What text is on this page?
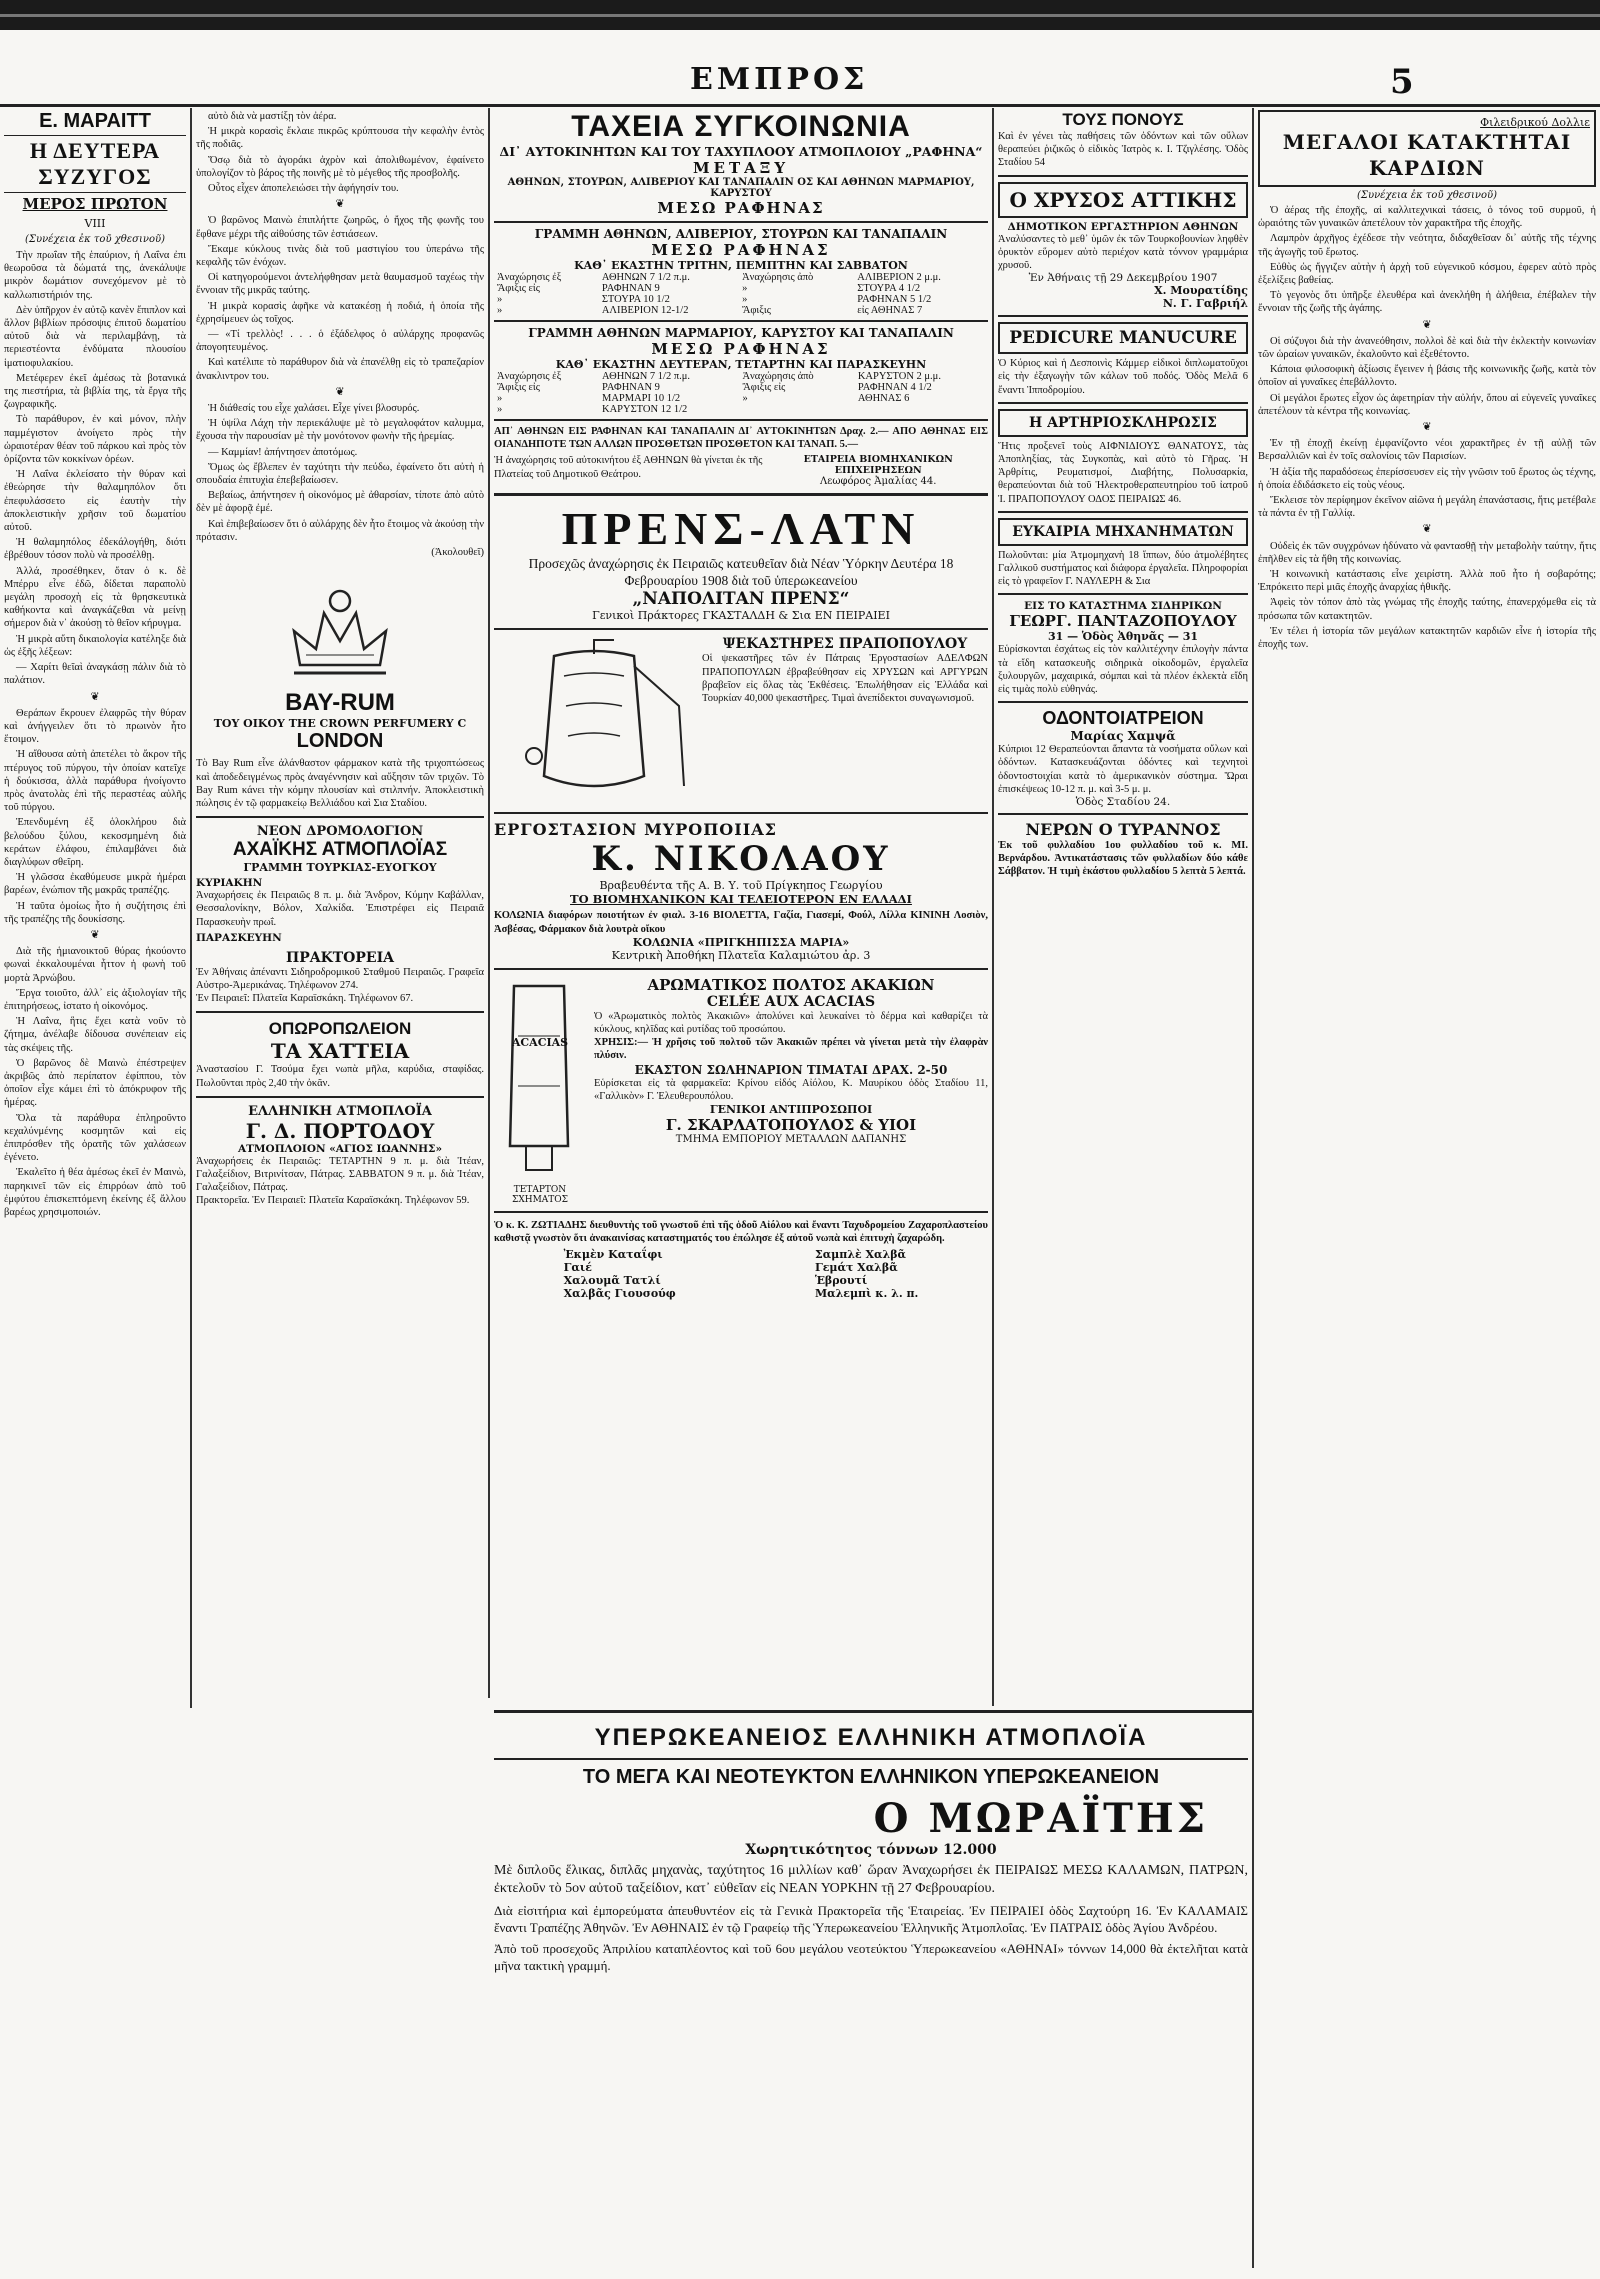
ΕΜΠΡΟΣ	5
Ε. ΜΑΡΑΙΤΤ
Η ΔΕΥΤΕΡΑ ΣΥΖΥΓΟΣ
ΜΕΡΟΣ ΠΡΩΤΟΝ
VIII
(Συνέχεια ἐκ τοῦ χθεσινοῦ)

Τὴν πρωΐαν τῆς ἑπαύριον, ἡ Λαΐνα ἐπι θεωροῦσα τὰ δώματά της, ἀνεκάλυψε μικρὸν δωμάτιον συνεχόμενον μὲ τὸ καλλωπιστήριόν της.

Δὲν ὑπῆρχον ἐν αὐτῷ κανὲν ἔπιπλον καὶ ἄλλον βιβλίων πρόσοψις ἐπιτοῦ δωματίου αὐτοῦ διὰ νὰ περιλαμβάνῃ, τὰ περιεστέοντα ἐνδύματα πλουσίου ἱματιοφυλακίου.

Μετέφερεν ἐκεῖ ἀμέσως τὰ βοτανικά της πιεστήρια, τὰ βιβλία της, τὰ ἔργα τῆς ζωγραφικῆς.

Τὸ παράθυρον, ἐν καὶ μόνον, πλὴν παμμέγιστον ἀνοίγετο πρὸς τὴν ὡραιοτέραν θέαν τοῦ πάρκου καὶ πρὸς τὸν ὁρίζοντα τῶν κοκκίνων ὀρέων.

Ἡ Λαΐνα ἐκλείσατο τὴν θύραν καὶ ἐθεώρησε τὴν θαλαμηπόλον ὅτι ἐπεφυλάσσετο εἰς ἑαυτὴν τὴν ἀποκλειστικὴν χρῆσιν τοῦ δωματίου αὐτοῦ.

Ἡ θαλαμηπόλος ἐδεκάλογήθη, διότι ἐβρέθουν τόσον πολὺ νὰ προσέλθῃ.

Ἀλλά, προσέθηκεν, ὅταν ὁ κ. δὲ Μπέρρυ εἶνε ἐδῶ, δίδεται παραπολὺ μεγάλη προσοχὴ εἰς τὰ θρησκευτικὰ καθήκοντα καὶ ἀναγκάζεθαι νὰ μείνῃ σήμερον διὰ ν᾽ ἀκούσῃ τὸ θεῖον κήρυγμα.

Ἡ μικρὰ αὕτη δικαιολογία κατέληξε διὰ ὡς ἐξῆς λέξεων:

— Χαρίτι θεῖαὶ ἀναγκάσῃ πάλιν διὰ τὸ παλάτιον.

❦

Θεράπων ἔκρουεν ἐλαφρῶς τὴν θύραν καὶ ἀνήγγειλεν ὅτι τὸ πρωινὸν ἦτο ἕτοιμον.

Ἡ αἴθουσα αὐτὴ ἀπετέλει τὸ ἄκρον τῆς πτέρυγος τοῦ πύργου, τὴν ὁποίαν κατεῖχε ἡ δούκισσα, ἀλλὰ παράθυρα ἠνοίγοντο πρὸς ἀνατολὰς ἐπὶ τῆς περαστέας αὐλῆς τοῦ πύργου.

Ἐπενδυμένη ἐξ ὁλοκλήρου διὰ βελούδου ξύλου, κεκοσμημένη διὰ κεράτων ἐλάφου, ἐπιλαμβάνει διὰ διαγλύφων σθεῖρη.

Ἡ γλῶσσα ἐκαθύμευσε μικρὰ ἡμέραι βαρέων, ἐνώπιον τῆς μακρᾶς τραπέζης.

Ἡ ταῦτα ὁμοίως ἦτο ἡ συζήτησις ἐπὶ τῆς τραπέζης τῆς δουκίσσης.

❦

Διὰ τῆς ἡμιανοικτοῦ θύρας ἠκούοντο φωναὶ ἐκκαλουμέναι ἧττον ἡ φωνὴ τοῦ μορτὰ Ἀρνώβου.

Ἔργα τοιοῦτο, ἀλλ᾽ εἰς ἀξιολογίαν τῆς ἐπιτηρήσεως, ἰστατο ἡ οἰκονόμος.

Ἡ Λαΐνα, ἣτις ἔχει κατὰ νοῦν τὸ ζήτημα, ἀνέλαβε δίδουσα συνέπειαν εἰς τὰς σκέψεις τῆς.

Ὁ βαρῶνος δὲ Μαινὼ ἐπέστρεψεν ἀκριβῶς ἀπὸ περίπατον ἐφίππου, τὸν ὁποῖον εἶχε κάμει ἐπὶ τὸ ἀπόκρυφον τῆς ἡμέρας.

Ὅλα τὰ παράθυρα ἐπληροῦντο κεχαλύνμένης κοσμητῶν καὶ εἰς ἐπιπρόσθεν τῆς ὁρατῆς τῶν χαλάσεων ἐγένετο.

Ἐκαλεῖτο ἡ θέα ἀμέσως ἐκεῖ ἐν Μαινὼ, παρηκινεῖ τῶν εἰς ἐπιρρόων ἀπὸ τοῦ ἐμφύτου ἐπισκεπτόμενη ἐκείνης ἐξ ἄλλου βαρέως χρησιμοποιών.

αὐτὸ διὰ νὰ μαστίξῃ τὸν ἀέρα.

Ἡ μικρὰ κορασὶς ἔκλαιε πικρῶς κρύπτουσα τὴν κεφαλὴν ἐντὸς τῆς ποδιᾶς.

Ὅσῳ διὰ τὸ ἀγοράκι ἀχρὸν καὶ ἀπολιθωμένον, ἐφαίνετο ὑπολογίζον τὸ βάρος τῆς ποινῆς μὲ τὸ μέγεθος τῆς προσβολῆς.

Οὗτος εἶχεν ἀποπελειώσει τὴν ἀφήγησίν του.

❦

Ὁ βαρῶνος Μαινὼ ἐπιπλήττε ζωηρῶς, ὁ ἤχος τῆς φωνῆς του ἔφθανε μέχρι τῆς αἰθούσης τῶν ἑστιάσεων.

Ἔκαμε κύκλους τινὰς διὰ τοῦ μαστιγίου του ὑπεράνω τῆς κεφαλῆς τῶν ἐνόχων.

Οἱ κατηγορούμενοι ἀντελήφθησαν μετὰ θαυμασμοῦ ταχέως τὴν ἔννοιαν τῆς μικρᾶς ταύτης.

Ἡ μικρὰ κορασὶς ἀφῆκε νὰ κατακέσῃ ἡ ποδιά, ἡ ὁποία τῆς ἐχρησίμευεν ὡς τοῖχος.

— «Τί τρελλὸς! . . . ὁ ἐξάδελφος ὁ αὐλάρχης προφανῶς ἀπογοητευμένος.

Καὶ κατέλιπε τὸ παράθυρον διὰ νὰ ἐπανέλθῃ εἰς τὸ τραπεζαρίον ἀνακλιντρον του.

❦

Ἡ διάθεσίς του εἶχε χαλάσει. Εἶχε γίνει βλοσυρός.

Ἡ ὑψίλα Λάχη τὴν περιεκάλυψε μὲ τὸ μεγαλοφάτον καλυμμα, ἔχουσα τὴν παρουσίαν μὲ τὴν μονότονον φωνὴν τῆς ἠρεμίας.

— Καμμίαν! ἀπήντησεν ἀποτόμως.

Ὅμως ὡς ἔβλεπεν ἐν ταχύτητι τὴν πεύδω, ἐφαίνετο ὅτι αὐτὴ ἡ σπουδαία ἐπιτυχὶα ἐπεβεβαίωσεν.

Βεβαίως, ἀπήντησεν ἡ οἰκονόμος μὲ ἀθαρσίαν, τίποτε ἀπὸ αὐτὸ δὲν μὲ ἀφορᾷ ἐμέ.

Καὶ ἐπιβεβαίωσεν ὅτι ὁ αὐλάρχης δὲν ἦτο ἔτοιμος νὰ ἀκούσῃ τὴν πρότασιν.

(Ἀκολουθεῖ)
BAY-RUM
ΤΟΥ ΟΙΚΟΥ THE CROWN PERFUMERY C
LONDON
Τὸ Bay Rum εἶνε ἀλάνθαστον φάρμακον κατὰ τῆς τριχοπτώσεως καὶ ἀποδεδειγμένως πρὸς ἀναγέννησιν καὶ αὔξησιν τῶν τριχῶν. Τὸ Bay Rum κάνει τὴν κόμην πλουσίαν καὶ στιλπνήν. Ἀποκλειστικὴ πώλησις ἐν τῷ φαρμακείῳ Βελλιάδου καὶ Σια Σταδίου.
ΝΕΟΝ ΔΡΟΜΟΛΟΓΙΟΝ
ΑΧΑΪΚΗΣ ΑΤΜΟΠΛΟΪΑΣ
ΓΡΑΜΜΗ ΤΟΥΡΚΙΑΣ-ΕΥΟΓΚΟΥ
ΚΥΡΙΑΚΗΝ
Ἀναχωρήσεις ἐκ Πειραιῶς 8 π. μ. διὰ Ἄνδρον, Κύμην Καβάλλαν, Θεσσαλονίκην, Βόλον, Χαλκίδα. Ἐπιστρέφει εἰς Πειραιᾶ Παρασκευὴν πρωΐ.
ΠΑΡΑΣΚΕΥΗΝ
ΠΡΑΚΤΟΡΕΙΑ
Ἐν Ἀθήναις ἀπέναντι Σιδηροδρομικοῦ Σταθμοῦ Πειραιῶς. Γραφεῖα Αὐστρο-Ἀμερικάνας. Τηλέφωνον 274.
Ἐν Πειραιεῖ: Πλατεῖα Καραϊσκάκη. Τηλέφωνον 67.
ΟΠΩΡΟΠΩΛΕΙΟΝ
ΤΑ ΧΑΤΤΕΙΑ
Ἀναστασίου Γ. Τσούμα ἔχει νωπὰ μῆλα, καρύδια, σταφίδας. Πωλοῦνται πρὸς 2,40 τὴν ὀκᾶν.
ΕΛΛΗΝΙΚΗ ΑΤΜΟΠΛΟΪΑ
Γ. Δ. ΠΟΡΤΟΔΟΥ
ΑΤΜΟΠΛΟΙΟΝ «ΑΓΙΟΣ ΙΩΑΝΝΗΣ»
Ἀναχωρήσεις ἐκ Πειραιῶς: ΤΕΤΑΡΤΗΝ 9 π. μ. διὰ Ἰτέαν, Γαλαξείδιον, Βιτρινίτσαν, Πάτρας. ΣΑΒΒΑΤΟΝ 9 π. μ. διὰ Ἰτέαν, Γαλαξείδιον, Πάτρας.
Πρακτορεῖα. Ἐν Πειραιεῖ: Πλατεῖα Καραϊσκάκη. Τηλέφωνον 59.
ΤΑΧΕΙΑ ΣΥΓΚΟΙΝΩΝΙΑ
ΔΙ᾽ ΑΥΤΟΚΙΝΗΤΩΝ ΚΑΙ ΤΟΥ ΤΑΧΥΠΛΟΟΥ ΑΤΜΟΠΛΟΙΟΥ „ΡΑΦΗΝΑ“
ΜΕΤΑΞΥ
ΑΘΗΝΩΝ, ΣΤΟΥΡΩΝ, ΑΛΙΒΕΡΙΟΥ ΚΑΙ ΤΑΝΑΠΑΛΙΝ ΟΣ ΚΑΙ ΑΘΗΝΩΝ ΜΑΡΜΑΡΙΟΥ, ΚΑΡΥΣΤΟΥ
ΜΕΣΩ ΡΑΦΗΝΑΣ
ΓΡΑΜΜΗ ΑΘΗΝΩΝ, ΑΛΙΒΕΡΙΟΥ, ΣΤΟΥΡΩΝ ΚΑΙ ΤΑΝΑΠΑΛΙΝ
ΜΕΣΩ ΡΑΦΗΝΑΣ
ΚΑΘ᾽ ΕΚΑΣΤΗΝ ΤΡΙΤΗΝ, ΠΕΜΠΤΗΝ ΚΑΙ ΣΑΒΒΑΤΟΝ
Ἀναχώρησις ἐξ	ΑΘΗΝΩΝ 7 1/2 π.μ.	Ἀναχώρησις ἀπὸ	ΑΛΙΒΕΡΙΟΝ 2 μ.μ.
Ἄφιξις εἰς	ΡΑΦΗΝΑΝ 9	»	ΣΤΟΥΡΑ 4 1/2
»	ΣΤΟΥΡΑ 10 1/2	»	ΡΑΦΗΝΑΝ 5 1/2
»	ΑΛΙΒΕΡΙΟΝ 12-1/2	Ἄφιξις	εἰς ΑΘΗΝΑΣ 7
ΓΡΑΜΜΗ ΑΘΗΝΩΝ ΜΑΡΜΑΡΙΟΥ, ΚΑΡΥΣΤΟΥ ΚΑΙ ΤΑΝΑΠΑΛΙΝ
ΜΕΣΩ ΡΑΦΗΝΑΣ
ΚΑΘ᾽ ΕΚΑΣΤΗΝ ΔΕΥΤΕΡΑΝ, ΤΕΤΑΡΤΗΝ ΚΑΙ ΠΑΡΑΣΚΕΥΗΝ
Ἀναχώρησις ἐξ	ΑΘΗΝΩΝ 7 1/2 π.μ.	Ἀναχώρησις ἀπὸ	ΚΑΡΥΣΤΟΝ 2 μ.μ.
Ἄφιξις εἰς	ΡΑΦΗΝΑΝ 9	Ἄφιξις εἰς	ΡΑΦΗΝΑΝ 4 1/2
»	ΜΑΡΜΑΡΙ 10 1/2	»	ΑΘΗΝΑΣ 6
»	ΚΑΡΥΣΤΟΝ 12 1/2		
ΑΠ᾽ ΑΘΗΝΩΝ ΕΙΣ ΡΑΦΗΝΑΝ ΚΑΙ ΤΑΝΑΠΑΛΙΝ ΔΙ᾽ ΑΥΤΟΚΙΝΗΤΩΝ Δραχ. 2.— ΑΠΟ ΑΘΗΝΑΣ ΕΙΣ ΟΙΑΝΔΗΠΟΤΕ ΤΩΝ ΑΛΛΩΝ ΠΡΟΣΘΕΤΩΝ ΠΡΟΣΘΕΤΟΝ ΚΑΙ ΤΑΝΑΠ. 5.—
Ἡ ἀναχώρησις τοῦ αὐτοκινήτου ἐξ ΑΘΗΝΩΝ θὰ γίνεται ἐκ τῆς Πλατείας τοῦ Δημοτικοῦ Θεάτρου.
ΕΤΑΙΡΕΙΑ ΒΙΟΜΗΧΑΝΙΚΩΝ ΕΠΙΧΕΙΡΗΣΕΩΝ
Λεωφόρος Ἀμαλίας 44.
ΠΡΕΝΣ-ΛΑΤΝ
Προσεχῶς ἀναχώρησις ἐκ Πειραιῶς κατευθεῖαν διὰ Νέαν Ὑόρκην Δευτέρα 18 Φεβρουαρίου 1908 διὰ τοῦ ὑπερωκεανείου
„ΝΑΠΟΛΙΤΑΝ ΠΡΕΝΣ“
Γενικοὶ Πράκτορες ΓΚΑΣΤΑΛΔΗ & Σια ΕΝ ΠΕΙΡΑΙΕΙ
ΨΕΚΑΣΤΗΡΕΣ ΠΡΑΠΟΠΟΥΛΟΥ
Οἱ ψεκαστῆρες τῶν ἐν Πάτραις Ἐργοστασίων ΑΔΕΛΦΩΝ ΠΡΑΠΟΠΟΥΛΩΝ ἐβραβεύθησαν εἰς ΧΡΥΣΩΝ καὶ ΑΡΓΥΡΩΝ βραβεῖον εἰς ὅλας τὰς Ἐκθέσεις. Ἐπωλήθησαν εἰς Ἑλλάδα καὶ Τουρκίαν 40,000 ψεκαστῆρες. Τιμαὶ ἀνεπίδεκτοι συναγωνισμοῦ.
ΕΡΓΟΣΤΑΣΙΟΝ ΜΥΡΟΠΟΙΙΑΣ
Κ. ΝΙΚΟΛΑΟΥ
Βραβευθέντα τῆς Α. Β. Υ. τοῦ Πρίγκηπος Γεωργίου
ΤΟ ΒΙΟΜΗΧΑΝΙΚΟΝ ΚΑΙ ΤΕΛΕΙΟΤΕΡΟΝ ΕΝ ΕΛΛΑΔΙ
ΚΟΛΩΝΙΑ διαφόρων ποιοτήτων ἐν φιαλ. 3-16 ΒΙΟΛΕΤΤΑ, Γαζία, Γιασεμί, Φούλ, Λίλλα ΚΙΝΙΝΗ Λοσιὸν, Ἀσβέσας, Φάρμακον διὰ λουτρὰ οἴκου
ΚΟΛΩΝΙΑ «ΠΡΙΓΚΗΠΙΣΣΑ ΜΑΡΙΑ»
Κεντρικὴ Ἀποθήκη Πλατεῖα Καλαμιώτου ἀρ. 3
ACACIAS
ΤΕΤΑΡΤΟΝ ΣΧΗΜΑΤΟΣ
ΑΡΩΜΑΤΙΚΟΣ ΠΟΛΤΟΣ ΑΚΑΚΙΩΝ
CELÉE AUX ACACIAS
Ὁ «Ἀρωματικὸς πολτὸς Ἀκακιῶν» ἀπολύνει καὶ λευκαίνει τὸ δέρμα καὶ καθαρίζει τὰ κύκλους, κηλῖδας καὶ ρυτίδας τοῦ προσώπου.
ΧΡΗΣΙΣ:— Ἡ χρῆσις τοῦ πολτοῦ τῶν Ἀκακιῶν πρέπει νὰ γίνεται μετὰ τὴν ἐλαφρὰν πλύσιν.
ΕΚΑΣΤΟΝ ΣΩΛΗΝΑΡΙΟΝ ΤΙΜΑΤΑΙ ΔΡΑΧ. 2-50
Εὑρίσκεται εἰς τὰ φαρμακεῖα: Κρίνου εἰδός Αἰόλου, Κ. Μαυρίκου ὁδὸς Σταδίου 11, «Γαλλικὸν» Γ. Ἐλευθερουπόλου.
ΓΕΝΙΚΟΙ ΑΝΤΙΠΡΟΣΩΠΟΙ
Γ. ΣΚΑΡΛΑΤΟΠΟΥΛΟΣ & ΥΙΟΙ
ΤΜΗΜΑ ΕΜΠΟΡΙΟΥ ΜΕΤΑΛΛΩΝ ΔΑΠΑΝΗΣ
Ὁ κ. Κ. ΖΩΤΙΑΔΗΣ διευθυντὴς τοῦ γνωστοῦ ἐπὶ τῆς ὁδοῦ Αἰόλου καὶ ἔναντι Ταχυδρομείου Ζαχαροπλαστείου καθιστᾷ γνωστὸν ὅτι ἀνακαινίσας καταστηματός του ἐπώλησε ἐξ αὐτοῦ νωπὰ καὶ ἐπιτυχὴ ζαχαρώδη.
Ἐκμὲν Καταΐφι
Γαιέ
Χαλουμᾶ Τατλί
Χαλβᾶς Γιουσούφ
Σαμπλὲ Χαλβᾶ
Γεμάτ Χαλβᾶ
Ἑβρουτί
Μαλεμπὶ κ. λ. π.
ΤΟΥΣ ΠΟΝΟΥΣ
Καὶ ἐν γένει τὰς παθήσεις τῶν ὀδόντων καὶ τῶν οὔλων θεραπεύει ῥιζικῶς ὁ εἰδικὸς Ἰατρὸς κ. Ι. Τζιγλέσης. Ὁδὸς Σταδίου 54
Ο ΧΡΥΣΟΣ ΑΤΤΙΚΗΣ
ΔΗΜΟΤΙΚΟΝ ΕΡΓΑΣΤΗΡΙΟΝ ΑΘΗΝΩΝ
Ἀναλύσαντες τὸ μεθ᾽ ὑμῶν ἐκ τῶν Τουρκοβουνίων ληφθὲν ὀρυκτὸν εὕρομεν αὐτὸ περιέχον κατὰ τόννον γραμμάρια χρυσοῦ.
Ἐν Ἀθήναις τῇ 29 Δεκεμβρίου 1907
Χ. Μουρατίδης
Ν. Γ. Γαβριήλ
PEDICURE MANUCURE
Ὁ Κύριος καὶ ἡ Δεσποινὶς Κάμμερ εἰδικοὶ διπλωματοῦχοι εἰς τὴν ἐξαγωγὴν τῶν κάλων τοῦ ποδός. Ὁδὸς Μελᾶ 6 ἔναντι Ἱπποδρομίου.
Η ΑΡΤΗΡΙΟΣΚΛΗΡΩΣΙΣ
Ἥτις προξενεῖ τοὺς ΑΙΦΝΙΔΙΟΥΣ ΘΑΝΑΤΟΥΣ, τὰς Ἀποπληξίας, τὰς Συγκοπὰς, καὶ αὐτὸ τὸ Γῆρας. Ἡ Ἀρθρίτις, Ρευματισμοί, Διαβήτης, Πολυσαρκία, θεραπεύονται διὰ τοῦ Ἠλεκτροθεραπευτηρίου τοῦ ἰατροῦ Ἰ. ΠΡΑΠΟΠΟΥΛΟΥ ΟΔΟΣ ΠΕΙΡΑΙΩΣ 46.
ΕΥΚΑΙΡΙΑ ΜΗΧΑΝΗΜΑΤΩΝ
Πωλοῦνται: μία Ἀτμομηχανὴ 18 ἵππων, δύο ἀτμολέβητες Γαλλικοῦ συστήματος καὶ διάφορα ἐργαλεῖα. Πληροφορίαι εἰς τὸ γραφεῖον Γ. ΝΑΥΛΕΡΗ & Σια
ΕΙΣ ΤΟ ΚΑΤΑΣΤΗΜΑ ΣΙΔΗΡΙΚΩΝ
ΓΕΩΡΓ. ΠΑΝΤΑΖΟΠΟΥΛΟΥ
31 — Ὁδὸς Ἀθηνᾶς — 31
Εὑρίσκονται ἐσχάτως εἰς τὸν καλλιτέχνην ἐπιλογὴν πάντα τὰ εἴδη κατασκευῆς σιδηρικὰ οἰκοδομῶν, ἐργαλεῖα ξυλουργῶν, μαχαιρικά, σόμπαι καὶ τὰ πλέον ἐκλεκτὰ εἴδη εἰς τιμὰς πολὺ εὐθηνάς.
ΟΔΟΝΤΟΙΑΤΡΕΙΟΝ
Μαρίας Χαμψᾶ
Κύπριοι 12 Θεραπεύονται ἅπαντα τὰ νοσήματα οὔλων καὶ ὀδόντων. Κατασκευάζονται ὀδόντες καὶ τεχνητοὶ ὀδοντοστοιχίαι κατὰ τὸ ἀμερικανικὸν σύστημα. Ὥραι ἐπισκέψεως 10-12 π. μ. καὶ 3-5 μ. μ.
Ὁδὸς Σταδίου 24.
ΝΕΡΩΝ Ο ΤΥΡΑΝΝΟΣ
Ἐκ τοῦ φυλλαδίου 1ου φυλλαδίου τοῦ κ. ΜΙ. Βερνάρδου. Ἀντικατάστασις τῶν φυλλαδίων δύο κάθε Σάββατον. Ἡ τιμὴ ἑκάστου φυλλαδίου 5 λεπτὰ 5 λεπτά.
Φιλειδρικού Δολλιε
ΜΕΓΑΛΟΙ ΚΑΤΑΚΤΗΤΑΙ ΚΑΡΔΙΩΝ
(Συνέχεια ἐκ τοῦ χθεσινοῦ)

Ὁ ἀέρας τῆς ἐποχῆς, αἱ καλλιτεχνικαὶ τάσεις, ὁ τόνος τοῦ συρμοῦ, ἡ ὡραιότης τῶν γυναικῶν ἀπετέλουν τὸν χαρακτῆρα τῆς ἐποχῆς.

Λαμπρὸν ἀρχῆγος ἐχέδεσε τὴν νεότητα, διδαχθεῖσαν δι᾽ αὐτῆς τῆς τέχνης τῆς ἀγωγῆς τοῦ ἔρωτος.

Εὐθὺς ὡς ἤγγιζεν αὐτὴν ἡ ἀρχὴ τοῦ εὐγενικοῦ κόσμου, ἐφερεν αὐτὸ πρὸς ἐξελίξεις βαθείας.

Τὸ γεγονὸς ὅτι ὑπῆρξε ἐλευθέρα καὶ ἀνεκλήθη ἡ ἀλήθεια, ἐπέβαλεν τὴν ἔννοιαν τῆς ζωῆς τῆς ἀγάπης.

❦

Οἱ σύζυγοι διὰ τὴν ἀνανεόθησιν, πολλοὶ δὲ καὶ διὰ τὴν ἐκλεκτὴν κοινωνίαν τῶν ὡραίων γυναικῶν, ἐκαλοῦντο καὶ ἐξεθέτοντο.

Κάποια φιλοσοφικὴ ἀξίωσις ἔγεινεν ἡ βάσις τῆς κοινωνικῆς ζωῆς, κατὰ τὸν ὁποῖον αἱ γυναῖκες ἐπεβάλλοντο.

Οἱ μεγάλοι ἔρωτες εἶχον ὡς ἀφετηρίαν τὴν αὐλήν, ὅπου αἱ εὐγενεῖς γυναῖκες ἀπετέλουν τὰ κέντρα τῆς κοινωνίας.

❦

Ἐν τῇ ἐποχῇ ἐκείνῃ ἐμφανίζοντο νέοι χαρακτῆρες ἐν τῇ αὐλῇ τῶν Βερσαλλιῶν καὶ ἐν τοῖς σαλονίοις τῶν Παρισίων.

Ἡ ἀξία τῆς παραδόσεως ἐπερίσσευσεν εἰς τὴν γνῶσιν τοῦ ἔρωτος ὡς τέχνης, ἡ ὁποία ἐδιδάσκετο εἰς τοὺς νέους.

Ἔκλεισε τὸν περίφημον ἐκεῖνον αἰῶνα ἡ μεγάλη ἐπανάστασις, ἥτις μετέβαλε τὰ πάντα ἐν τῇ Γαλλίᾳ.

❦

Οὐδεὶς ἐκ τῶν συγχρόνων ἠδύνατο νὰ φαντασθῇ τὴν μεταβολὴν ταύτην, ἥτις ἐπῆλθεν εἰς τὰ ἤθη τῆς κοινωνίας.

Ἡ κοινωνικὴ κατάστασις εἶνε χειρίστη. Ἀλλὰ ποῦ ἦτο ἡ σοβαρότης; Ἐπρόκειτο περὶ μιᾶς ἐποχῆς ἀναρχίας ἠθικῆς.

Ἀφεὶς τὸν τόπον ἀπὸ τὰς γνώμας τῆς ἐποχῆς ταύτης, ἐπανερχόμεθα εἰς τὰ πρόσωπα τῶν κατακτητῶν.

Ἐν τέλει ἡ ἱστορία τῶν μεγάλων κατακτητῶν καρδιῶν εἶνε ἡ ἱστορία τῆς ἐποχῆς των.

ΥΠΕΡΩΚΕΑΝΕΙΟΣ ΕΛΛΗΝΙΚΗ ΑΤΜΟΠΛΟΪΑ
ΤΟ ΜΕΓΑ ΚΑΙ ΝΕΟΤΕΥΚΤΟΝ ΕΛΛΗΝΙΚΟΝ ΥΠΕΡΩΚΕΑΝΕΙΟΝ
Ο ΜΩΡΑΪΤΗΣ
Χωρητικότητος τόννων 12.000
Μὲ διπλοῦς ἕλικας, διπλᾶς μηχανὰς, ταχύτητος 16 μιλλίων καθ᾽ ὥραν Ἀναχωρήσει ἐκ ΠΕΙΡΑΙΩΣ ΜΕΣΩ ΚΑΛΑΜΩΝ, ΠΑΤΡΩΝ, ἐκτελοῦν τὸ 5ον αὐτοῦ ταξείδιον, κατ᾽ εὐθεῖαν εἰς ΝΕΑΝ ΥΟΡΚΗΝ τῇ 27 Φεβρουαρίου.
Διὰ εἰσιτήρια καὶ ἐμπορεύματα ἀπευθυντέον εἰς τὰ Γενικὰ Πρακτορεῖα τῆς Ἑταιρείας. Ἐν ΠΕΙΡΑΙΕΙ ὁδὸς Σαχτούρη 16. Ἐν ΚΑΛΑΜΑΙΣ ἔναντι Τραπέζης Ἀθηνῶν. Ἐν ΑΘΗΝΑΙΣ ἐν τῷ Γραφείῳ τῆς Ὑπερωκεανείου Ἑλληνικῆς Ἀτμοπλοΐας. Ἐν ΠΑΤΡΑΙΣ ὁδὸς Ἀγίου Ἀνδρέου.
Ἀπὸ τοῦ προσεχοῦς Ἀπριλίου καταπλέοντος καὶ τοῦ 6ου μεγάλου νεοτεύκτου Ὑπερωκεανείου «ΑΘΗΝΑΙ» τόννων 14,000 θὰ ἐκτελῆται κατὰ μῆνα τακτικὴ γραμμή.
